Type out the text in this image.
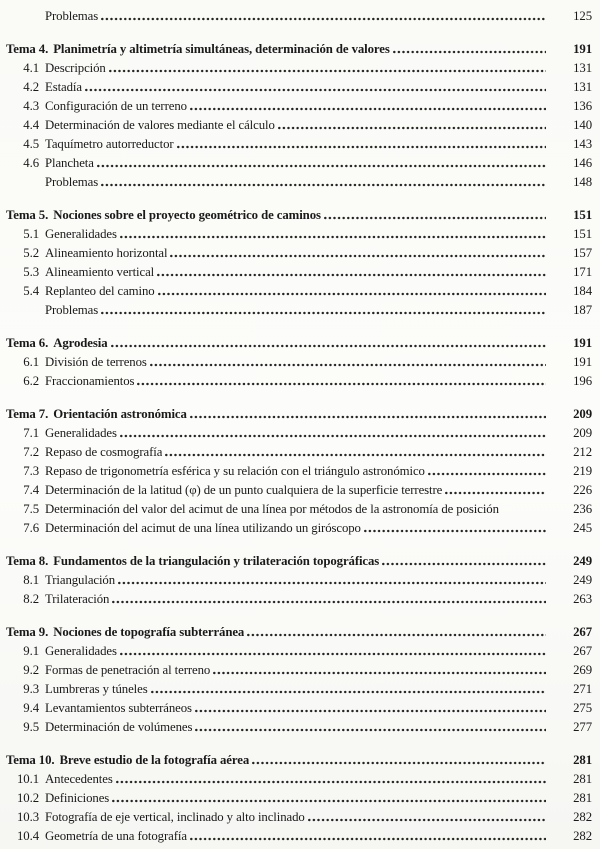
Problemas	125
Tema 4. Planimetría y altimetría simultáneas, determinación de valores	191
4.1 Descripción	131
4.2 Estadía	131
4.3 Configuración de un terreno	136
4.4 Determinación de valores mediante el cálculo	140
4.5 Taquímetro autorreductor	143
4.6 Plancheta	146
Problemas	148
Tema 5. Nociones sobre el proyecto geométrico de caminos	151
5.1 Generalidades	151
5.2 Alineamiento horizontal	157
5.3 Alineamiento vertical	171
5.4 Replanteo del camino	184
Problemas	187
Tema 6. Agrodesia	191
6.1 División de terrenos	191
6.2 Fraccionamientos	196
Tema 7. Orientación astronómica	209
7.1 Generalidades	209
7.2 Repaso de cosmografía	212
7.3 Repaso de trigonometría esférica y su relación con el triángulo astronómico	219
7.4 Determinación de la latitud (φ) de un punto cualquiera de la superficie terrestre	226
7.5 Determinación del valor del acimut de una línea por métodos de la astronomía de posición	236
7.6 Determinación del acimut de una línea utilizando un giróscopo	245
Tema 8. Fundamentos de la triangulación y trilateración topográficas	249
8.1 Triangulación	249
8.2 Trilateración	263
Tema 9. Nociones de topografía subterránea	267
9.1 Generalidades	267
9.2 Formas de penetración al terreno	269
9.3 Lumbreras y túneles	271
9.4 Levantamientos subterráneos	275
9.5 Determinación de volúmenes	277
Tema 10. Breve estudio de la fotografía aérea	281
10.1 Antecedentes	281
10.2 Definiciones	281
10.3 Fotografía de eje vertical, inclinado y alto inclinado	282
10.4 Geometría de una fotografía	282
